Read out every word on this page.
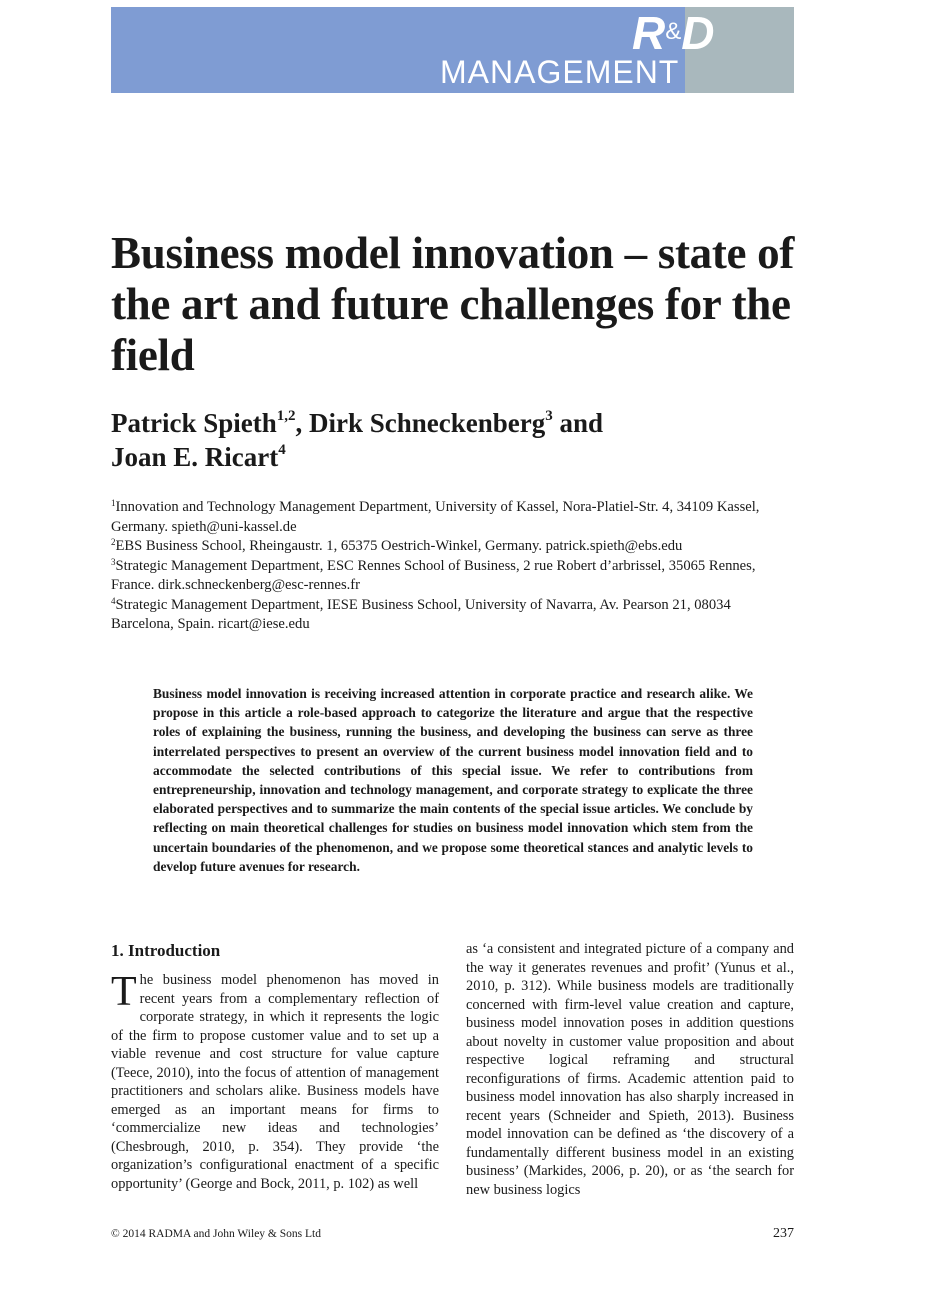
R&D
MANAGEMENT
Business model innovation – state of the art and future challenges for the field
Patrick Spieth$^{1,2}$, Dirk Schneckenberg$^3$ and
Joan E. Ricart$^4$

$^1$Innovation and Technology Management Department, University of Kassel, Nora-Platiel-Str. 4, 34109 Kassel, Germany. spieth@uni-kassel.de

$^2$EBS Business School, Rheingaustr. 1, 65375 Oestrich-Winkel, Germany. patrick.spieth@ebs.edu

$^3$Strategic Management Department, ESC Rennes School of Business, 2 rue Robert d’arbrissel, 35065 Rennes, France. dirk.schneckenberg@esc-rennes.fr

$^4$Strategic Management Department, IESE Business School, University of Navarra, Av. Pearson 21, 08034 Barcelona, Spain. ricart@iese.edu

Business model innovation is receiving increased attention in corporate practice and research alike. We propose in this article a role-based approach to categorize the literature and argue that the respective roles of explaining the business, running the business, and developing the business can serve as three interrelated perspectives to present an overview of the current business model innovation field and to accommodate the selected contributions of this special issue. We refer to contributions from entrepreneurship, innovation and technology management, and corporate strategy to explicate the three elaborated perspectives and to summarize the main contents of the special issue articles. We conclude by reflecting on main theoretical challenges for studies on business model innovation which stem from the uncertain boundaries of the phenomenon, and we propose some theoretical stances and analytic levels to develop future avenues for research.

1. Introduction

The business model phenomenon has moved in recent years from a complementary reflection of corporate strategy, in which it represents the logic of the firm to propose customer value and to set up a viable revenue and cost structure for value capture (Teece, 2010), into the focus of attention of management practitioners and scholars alike. Business models have emerged as an important means for firms to ‘commercialize new ideas and technologies’ (Chesbrough, 2010, p. 354). They provide ‘the organization’s configurational enactment of a specific opportunity’ (George and Bock, 2011, p. 102) as well

as ‘a consistent and integrated picture of a company and the way it generates revenues and profit’ (Yunus et al., 2010, p. 312). While business models are traditionally concerned with firm-level value creation and capture, business model innovation poses in addition questions about novelty in customer value proposition and about respective logical reframing and structural reconfigurations of firms. Academic attention paid to business model innovation has also sharply increased in recent years (Schneider and Spieth, 2013). Business model innovation can be defined as ‘the discovery of a fundamentally different business model in an existing business’ (Markides, 2006, p. 20), or as ‘the search for new business logics

© 2014 RADMA and John Wiley & Sons Ltd	237
